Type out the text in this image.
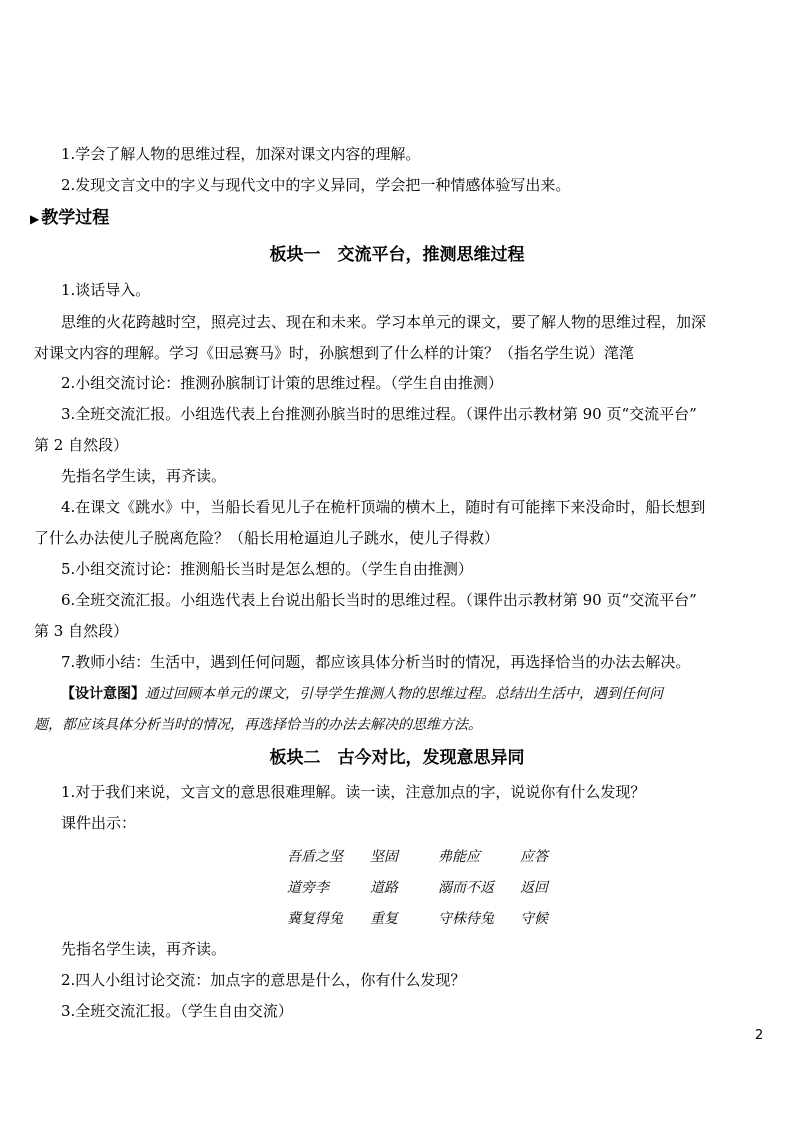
1.学会了解人物的思维过程，加深对课文内容的理解。
2.发现文言文中的字义与现代文中的字义异同，学会把一种情感体验写出来。
▶ 教学过程
板块一　交流平台，推测思维过程
1.谈话导入。
思维的火花跨越时空，照亮过去、现在和未来。学习本单元的课文，要了解人物的思维过程，加深
对课文内容的理解。学习《田忌赛马》时，孙膑想到了什么样的计策？（指名学生说）滗滗
2.小组交流讨论：推测孙膑制订计策的思维过程。（学生自由推测）
3.全班交流汇报。小组选代表上台推测孙膑当时的思维过程。（课件出示教材第 90 页“交流平台”
第 2 自然段）
先指名学生读，再齐读。
4.在课文《跳水》中，当船长看见儿子在桅杆顶端的横木上，随时有可能摔下来没命时，船长想到
了什么办法使儿子脱离危险？（船长用枪逼迫儿子跳水，使儿子得救）
5.小组交流讨论：推测船长当时是怎么想的。（学生自由推测）
6.全班交流汇报。小组选代表上台说出船长当时的思维过程。（课件出示教材第 90 页“交流平台”
第 3 自然段）
7.教师小结：生活中，遇到任何问题，都应该具体分析当时的情况，再选择恰当的办法去解决。
【设计意图】通过回顾本单元的课文，引导学生推测人物的思维过程。总结出生活中，遇到任何问
题，都应该具体分析当时的情况，再选择恰当的办法去解决的思维方法。
板块二　古今对比，发现意思异同
1.对于我们来说，文言文的意思很难理解。读一读，注意加点的字，说说你有什么发现？
课件出示：
吾盾之坚 坚固	弗能应	应答
道旁李	道路	溺而不返 返回
冀复得兔 重复	守株待兔 守候
先指名学生读，再齐读。
2.四人小组讨论交流：加点字的意思是什么，你有什么发现？
3.全班交流汇报。（学生自由交流）
2
